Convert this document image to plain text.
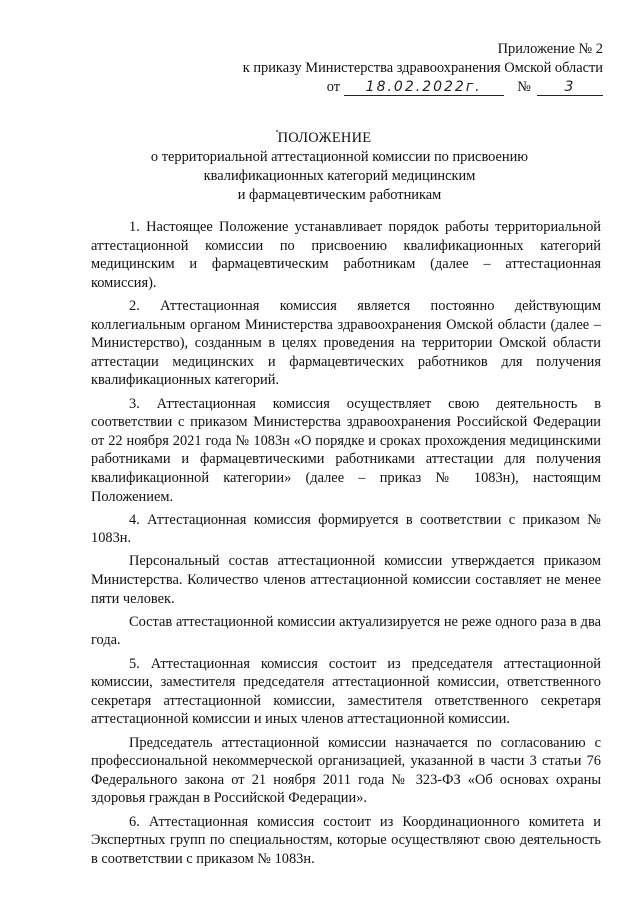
Приложение № 2
к приказу Министерства здравоохранения Омской области
от 18.02.2022г. № 3
ПОЛОЖЕНИЕ
о территориальной аттестационной комиссии по присвоению
квалификационных категорий медицинским
и фармацевтическим работникам

1. Настоящее Положение устанавливает порядок работы территориальной аттестационной комиссии по присвоению квалификационных категорий медицинским и фармацевтическим работникам (далее – аттестационная комиссия).

2. Аттестационная комиссия является постоянно действующим коллегиальным органом Министерства здравоохранения Омской области (далее – Министерство), созданным в целях проведения на территории Омской области аттестации медицинских и фармацевтических работников для получения квалификационных категорий.

3. Аттестационная комиссия осуществляет свою деятельность в соответствии с приказом Министерства здравоохранения Российской Федерации от 22 ноября 2021 года № 1083н «О порядке и сроках прохождения медицинскими работниками и фармацевтическими работниками аттестации для получения квалификационной категории» (далее – приказ № 1083н), настоящим Положением.

4. Аттестационная комиссия формируется в соответствии с приказом № 1083н.

Персональный состав аттестационной комиссии утверждается приказом Министерства. Количество членов аттестационной комиссии составляет не менее пяти человек.

Состав аттестационной комиссии актуализируется не реже одного раза в два года.

5. Аттестационная комиссия состоит из председателя аттестационной комиссии, заместителя председателя аттестационной комиссии, ответственного секретаря аттестационной комиссии, заместителя ответственного секретаря аттестационной комиссии и иных членов аттестационной комиссии.

Председатель аттестационной комиссии назначается по согласованию с профессиональной некоммерческой организацией, указанной в части 3 статьи 76 Федерального закона от 21 ноября 2011 года № 323-ФЗ «Об основах охраны здоровья граждан в Российской Федерации».

6. Аттестационная комиссия состоит из Координационного комитета и Экспертных групп по специальностям, которые осуществляют свою деятельность в соответствии с приказом № 1083н.
